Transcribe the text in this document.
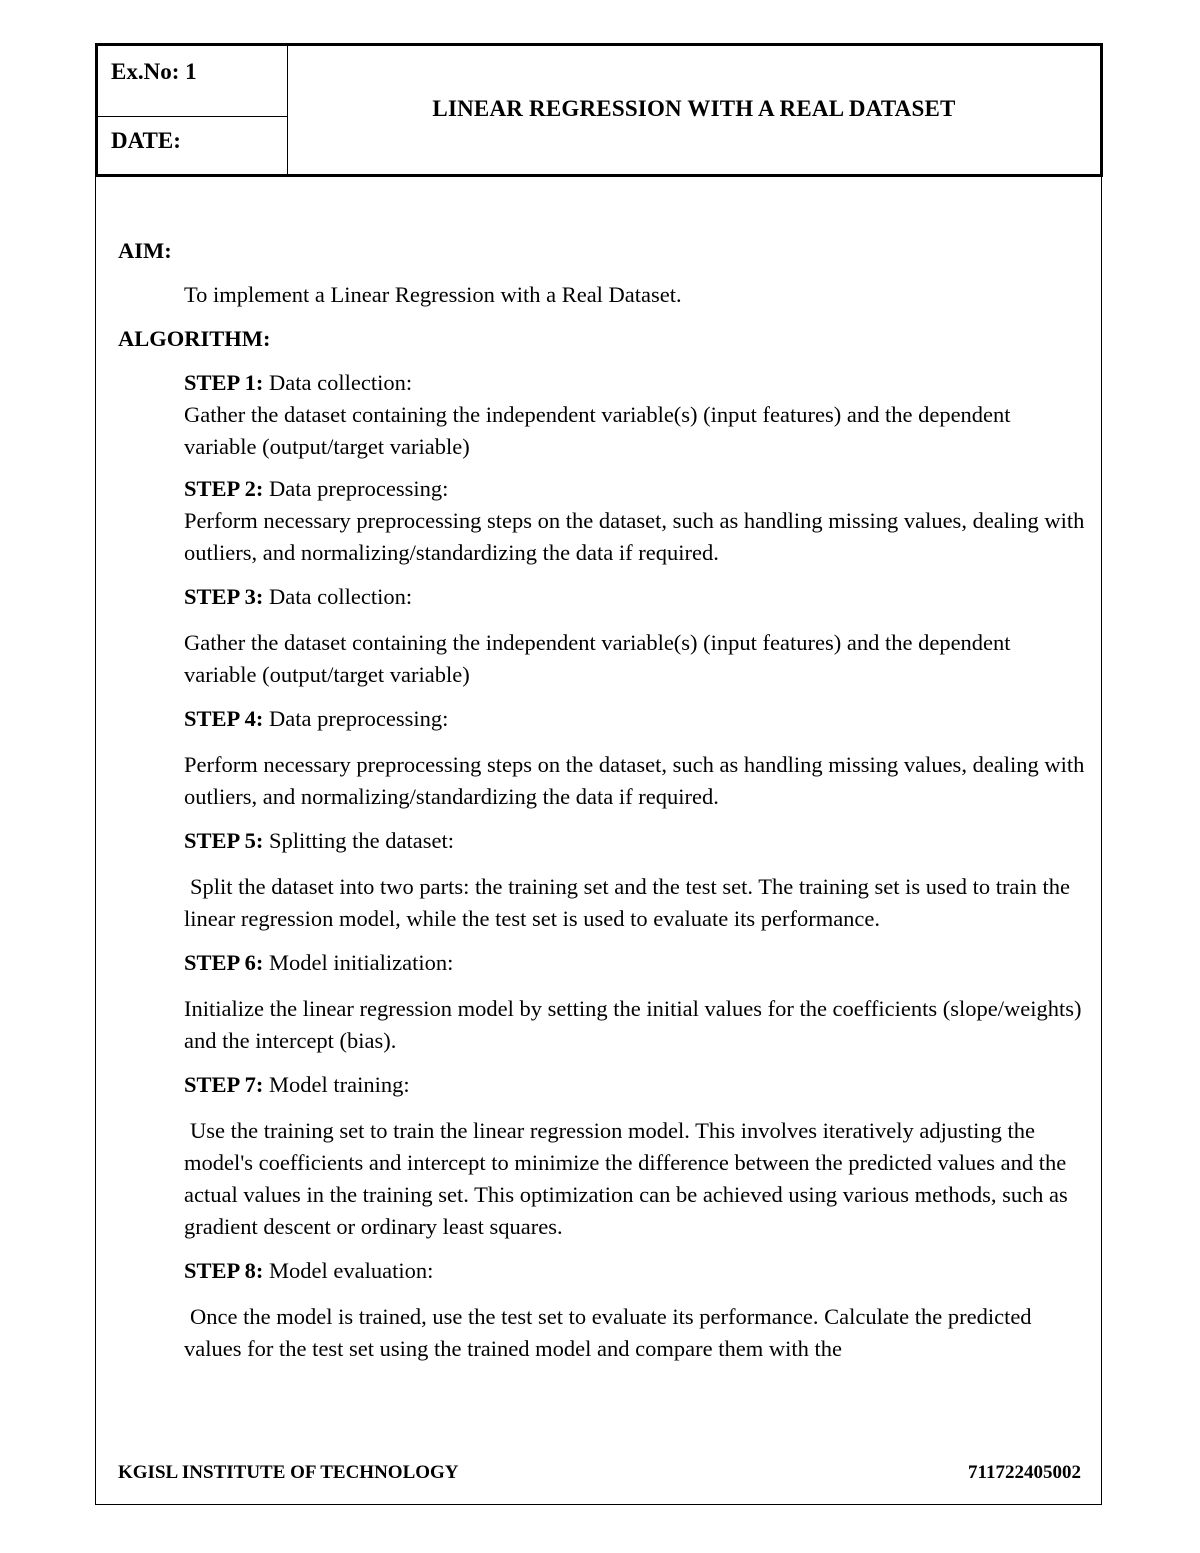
Ex.No: 1
DATE:
LINEAR REGRESSION WITH A REAL DATASET

AIM:

To implement a Linear Regression with a Real Dataset.

ALGORITHM:

STEP 1: Data collection:

Gather the dataset containing the independent variable(s) (input features) and the dependent variable (output/target variable)

STEP 2: Data preprocessing:

Perform necessary preprocessing steps on the dataset, such as handling missing values, dealing with outliers, and normalizing/standardizing the data if required.

STEP 3: Data collection:

Gather the dataset containing the independent variable(s) (input features) and the dependent variable (output/target variable)

STEP 4: Data preprocessing:

Perform necessary preprocessing steps on the dataset, such as handling missing values, dealing with outliers, and normalizing/standardizing the data if required.

STEP 5: Splitting the dataset:

Split the dataset into two parts: the training set and the test set. The training set is used to train the linear regression model, while the test set is used to evaluate its performance.

STEP 6: Model initialization:

Initialize the linear regression model by setting the initial values for the coefficients (slope/weights) and the intercept (bias).

STEP 7: Model training:

Use the training set to train the linear regression model. This involves iteratively adjusting the model's coefficients and intercept to minimize the difference between the predicted values and the actual values in the training set. This optimization can be achieved using various methods, such as gradient descent or ordinary least squares.

STEP 8: Model evaluation:

Once the model is trained, use the test set to evaluate its performance. Calculate the predicted values for the test set using the trained model and compare them with the

KGISL INSTITUTE OF TECHNOLOGY	711722405002
